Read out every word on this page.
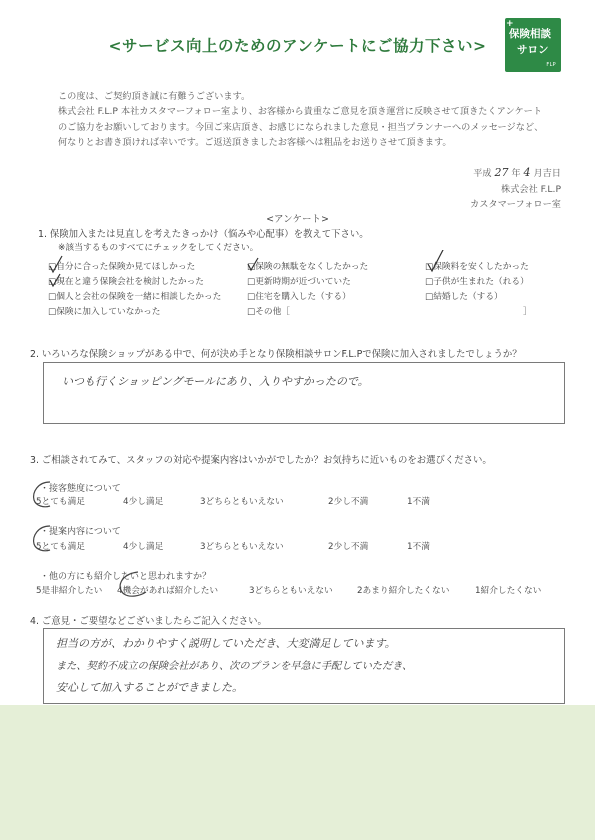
<サービス向上のためのアンケートにご協力下さい>
+
保険相談
サロン
FLP
この度は、ご契約頂き誠に有難うございます。
株式会社 F.L.P 本社カスタマーフォロー室より、お客様から貴重なご意見を頂き運営に反映させて頂きたくアンケート
のご協力をお願いしております。今回ご来店頂き、お感じになられました意見・担当プランナーへのメッセージなど、
何なりとお書き頂ければ幸いです。ご返送頂きましたお客様へは粗品をお送りさせて頂きます。
平成 27 年 4 月吉日
株式会社 F.L.P
カスタマーフォロー室
<アンケート>
1. 保険加入または見直しを考えたきっかけ（悩みや心配事）を教えて下さい。
※該当するものすべてにチェックをしてください。
□自分に合った保険か見てほしかった	□保険の無駄をなくしたかった	□保険料を安くしたかった
□現在と違う保険会社を検討したかった	□更新時期が近づいていた	□子供が生まれた（れる）
□個人と会社の保険を一緒に相談したかった	□住宅を購入した（する）	□結婚した（する）
□保険に加入していなかった	□その他［	］
2. いろいろな保険ショップがある中で、何が決め手となり保険相談サロンF.L.Pで保険に加入されましたでしょうか？
いつも行くショッピングモールにあり、入りやすかったので。
3. ご相談されてみて、スタッフの対応や提案内容はいかがでしたか？お気持ちに近いものをお選びください。
・接客態度について
5とても満足	4少し満足	3どちらともいえない	2少し不満	1不満
・提案内容について
5とても満足	4少し満足	3どちらともいえない	2少し不満	1不満
・他の方にも紹介したいと思われますか？
5是非紹介したい 4機会があれば紹介したい	3どちらともいえない	2あまり紹介したくない	1紹介したくない
4. ご意見・ご要望などございましたらご記入ください。
担当の方が、わかりやすく説明していただき、大変満足しています。
また、契約不成立の保険会社があり、次のプランを早急に手配していただき、
安心して加入することができました。
